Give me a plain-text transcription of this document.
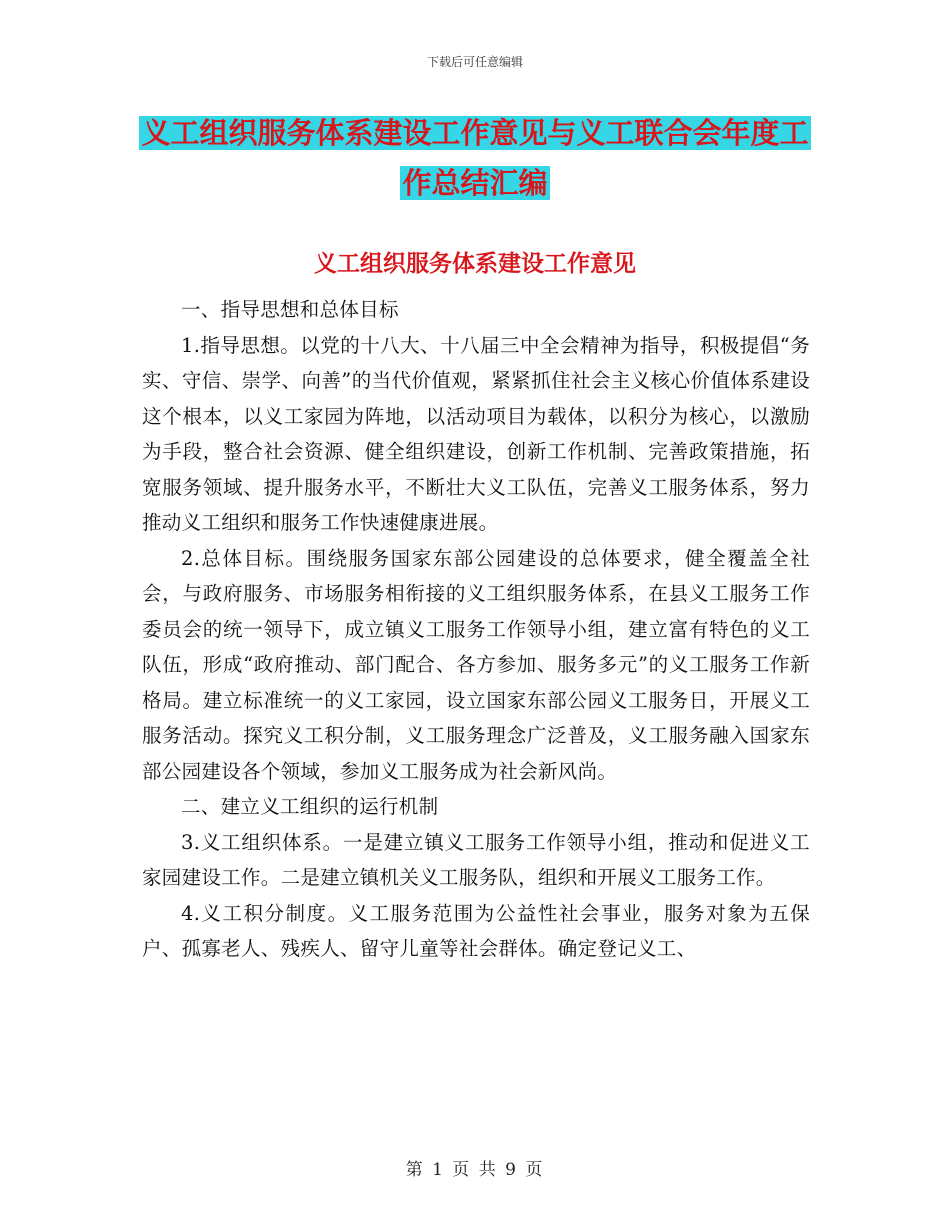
下载后可任意编辑
义工组织服务体系建设工作意见与义工联合会年度工
作总结汇编
义工组织服务体系建设工作意见

一、指导思想和总体目标

1.指导思想。以党的十八大、十八届三中全会精神为指导，积极提倡“务实、守信、崇学、向善”的当代价值观，紧紧抓住社会主义核心价值体系建设这个根本，以义工家园为阵地，以活动项目为载体，以积分为核心，以激励为手段，整合社会资源、健全组织建设，创新工作机制、完善政策措施，拓宽服务领域、提升服务水平，不断壮大义工队伍，完善义工服务体系，努力推动义工组织和服务工作快速健康进展。

2.总体目标。围绕服务国家东部公园建设的总体要求，健全覆盖全社会，与政府服务、市场服务相衔接的义工组织服务体系，在县义工服务工作委员会的统一领导下，成立镇义工服务工作领导小组，建立富有特色的义工队伍，形成“政府推动、部门配合、各方参加、服务多元”的义工服务工作新格局。建立标准统一的义工家园，设立国家东部公园义工服务日，开展义工服务活动。探究义工积分制，义工服务理念广泛普及，义工服务融入国家东部公园建设各个领域，参加义工服务成为社会新风尚。

二、建立义工组织的运行机制

3.义工组织体系。一是建立镇义工服务工作领导小组，推动和促进义工家园建设工作。二是建立镇机关义工服务队，组织和开展义工服务工作。

4.义工积分制度。义工服务范围为公益性社会事业，服务对象为五保户、孤寡老人、残疾人、留守儿童等社会群体。确定登记义工、

第 1 页 共 9 页
